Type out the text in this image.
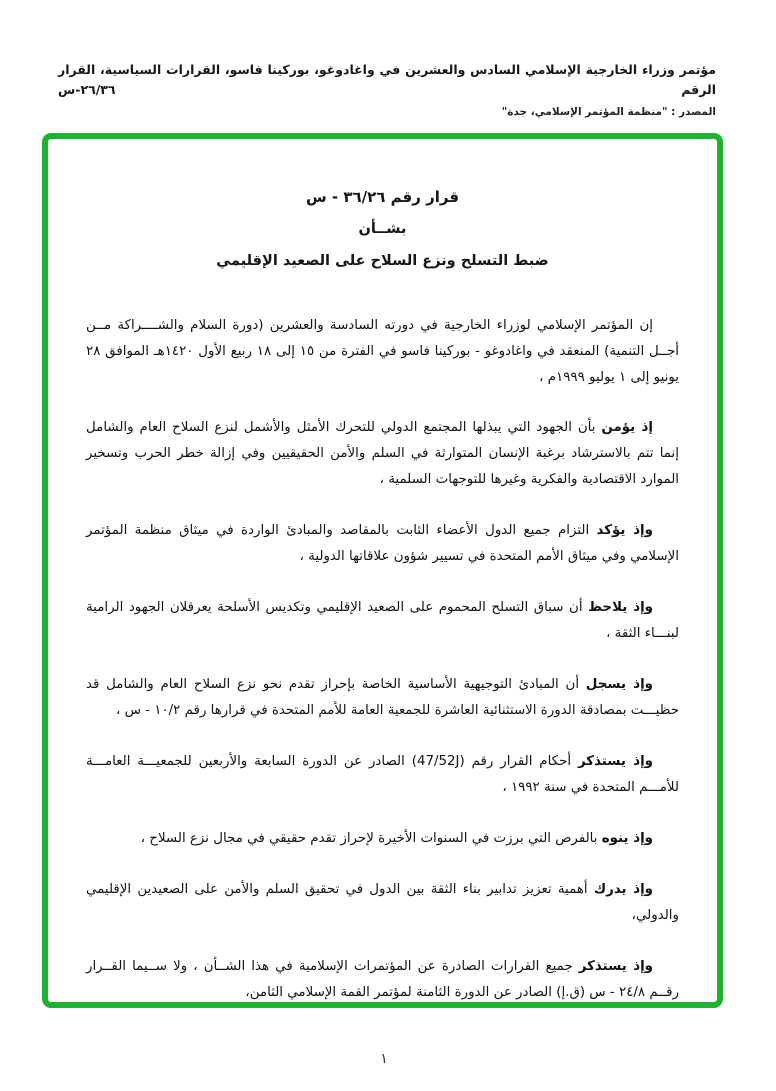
مؤتمر وزراء الخارجية الإسلامي السادس والعشرين في واغادوغو، بوركينا فاسو، القرارات السياسية، القرار الرقم ٢٦/٣٦-س
المصدر : "منظمة المؤتمر الإسلامي، جدة"
قرار رقم ٣٦/٢٦ - س
بشــأن
ضبط التسلح ونزع السلاح على الصعيد الإقليمي

إن المؤتمر الإسلامي لوزراء الخارجية في دورته السادسة والعشرين (دورة السلام والشــــراكة مــن أجــل التنمية) المنعقد في واغادوغو - بوركينا فاسو في الفترة من ١٥ إلى ١٨ ربيع الأول ١٤٢٠هـ الموافق ٢٨ يونيو إلى ١ يوليو ١٩٩٩م ،

إذ يؤمن بأن الجهود التي يبذلها المجتمع الدولي للتحرك الأمثل والأشمل لنزع السلاح العام والشامل إنما تتم بالاسترشاد برغبة الإنسان المتوارثة في السلم والأمن الحقيقيين وفي إزالة خطر الحرب وتسخير الموارد الاقتصادية والفكرية وغيرها للتوجهات السلمية ،

وإذ يؤكد التزام جميع الدول الأعضاء الثابت بالمقاصد والمبادئ الواردة في ميثاق منظمة المؤتمر الإسلامي وفي ميثاق الأمم المتحدة في تسيير شؤون علاقاتها الدولية ،

وإذ يلاحظ أن سباق التسلح المحموم على الصعيد الإقليمي وتكديس الأسلحة يعرقلان الجهود الرامية لبنـــاء الثقة ،

وإذ يسجل أن المبادئ التوجيهية الأساسية الخاصة بإحراز تقدم نحو نزع السلاح العام والشامل قد حظيـــت بمصادقة الدورة الاستثنائية العاشرة للجمعية العامة للأمم المتحدة في قرارها رقم ١٠/٢ - س ،

وإذ يستذكر أحكام القرار رقم (47/52J) الصادر عن الدورة السابعة والأربعين للجمعيـــة العامـــة للأمـــم المتحدة في سنة ١٩٩٢ ،

وإذ ينوه بالفرص التي برزت في السنوات الأخيرة لإحراز تقدم حقيقي في مجال نزع السلاح ،

وإذ يدرك أهمية تعزيز تدابير بناء الثقة بين الدول في تحقيق السلم والأمن على الصعيدين الإقليمي والدولي،

وإذ يستذكر جميع القرارات الصادرة عن المؤتمرات الإسلامية في هذا الشــأن ، ولا ســيما القــرار رقــم ٢٤/٨ - س (ق.إ) الصادر عن الدورة الثامنة لمؤتمر القمة الإسلامي الثامن،

١
